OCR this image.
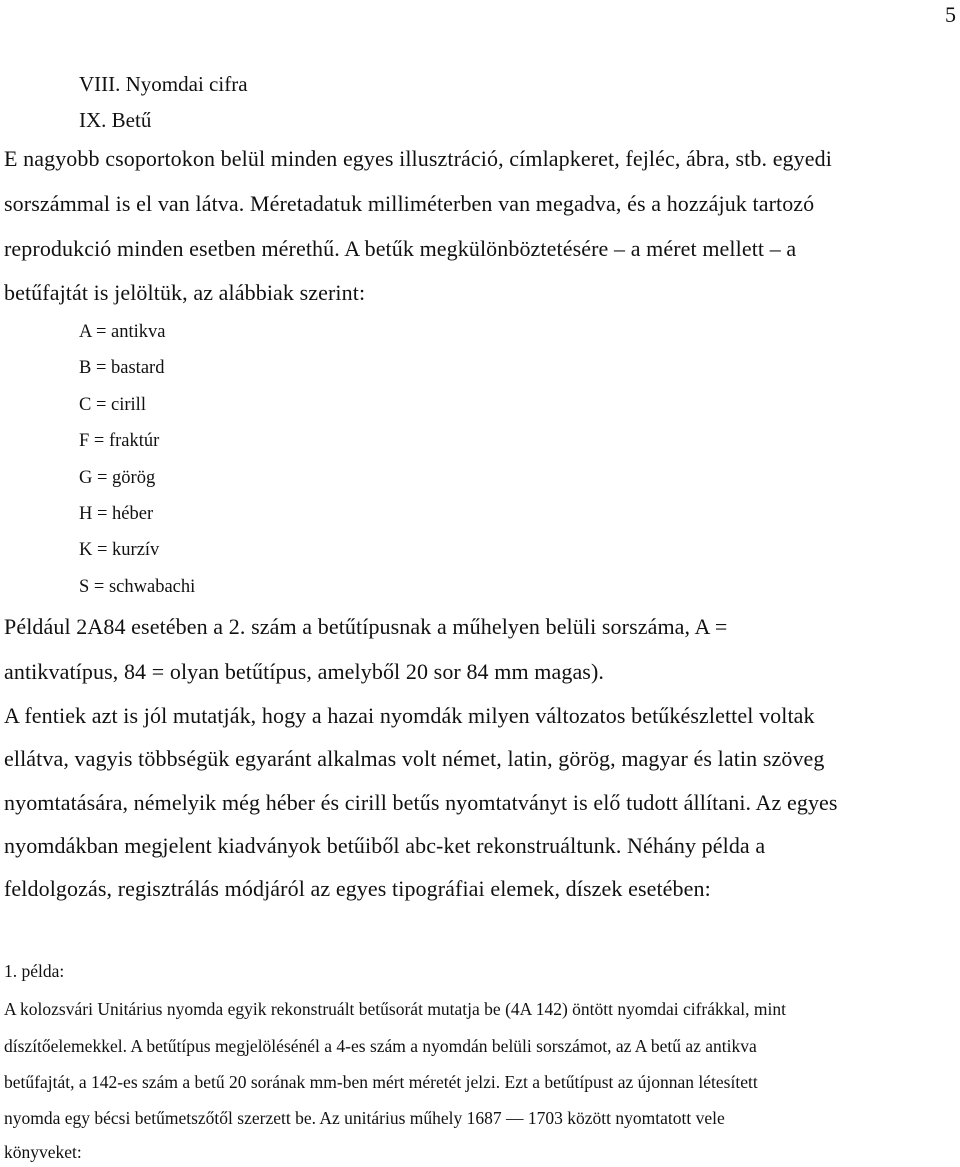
5
VIII. Nyomdai cifra
IX. Betű
E nagyobb csoportokon belül minden egyes illusztráció, címlapkeret, fejléc, ábra, stb. egyedi
sorszámmal is el van látva. Méretadatuk milliméterben van megadva, és a hozzájuk tartozó
reprodukció minden esetben mérethű. A betűk megkülönböztetésére – a méret mellett – a
betűfajtát is jelöltük, az alábbiak szerint:
A = antikva
B = bastard
C = cirill
F = fraktúr
G = görög
H = héber
K = kurzív
S = schwabachi
Például 2A84 esetében a 2. szám a betűtípusnak a műhelyen belüli sorszáma, A =
antikvatípus, 84 = olyan betűtípus, amelyből 20 sor 84 mm magas).
A fentiek azt is jól mutatják, hogy a hazai nyomdák milyen változatos betűkészlettel voltak
ellátva, vagyis többségük egyaránt alkalmas volt német, latin, görög, magyar és latin szöveg
nyomtatására, némelyik még héber és cirill betűs nyomtatványt is elő tudott állítani. Az egyes
nyomdákban megjelent kiadványok betűiből abc-ket rekonstruáltunk. Néhány példa a
feldolgozás, regisztrálás módjáról az egyes tipográfiai elemek, díszek esetében:
1. példa:
A kolozsvári Unitárius nyomda egyik rekonstruált betűsorát mutatja be (4A 142) öntött nyomdai cifrákkal, mint
díszítőelemekkel. A betűtípus megjelölésénél a 4-es szám a nyomdán belüli sorszámot, az A betű az antikva
betűfajtát, a 142-es szám a betű 20 sorának mm-ben mért méretét jelzi. Ezt a betűtípust az újonnan létesített
nyomda egy bécsi betűmetszőtől szerzett be. Az unitárius műhely 1687 — 1703 között nyomtatott vele
könyveket:
